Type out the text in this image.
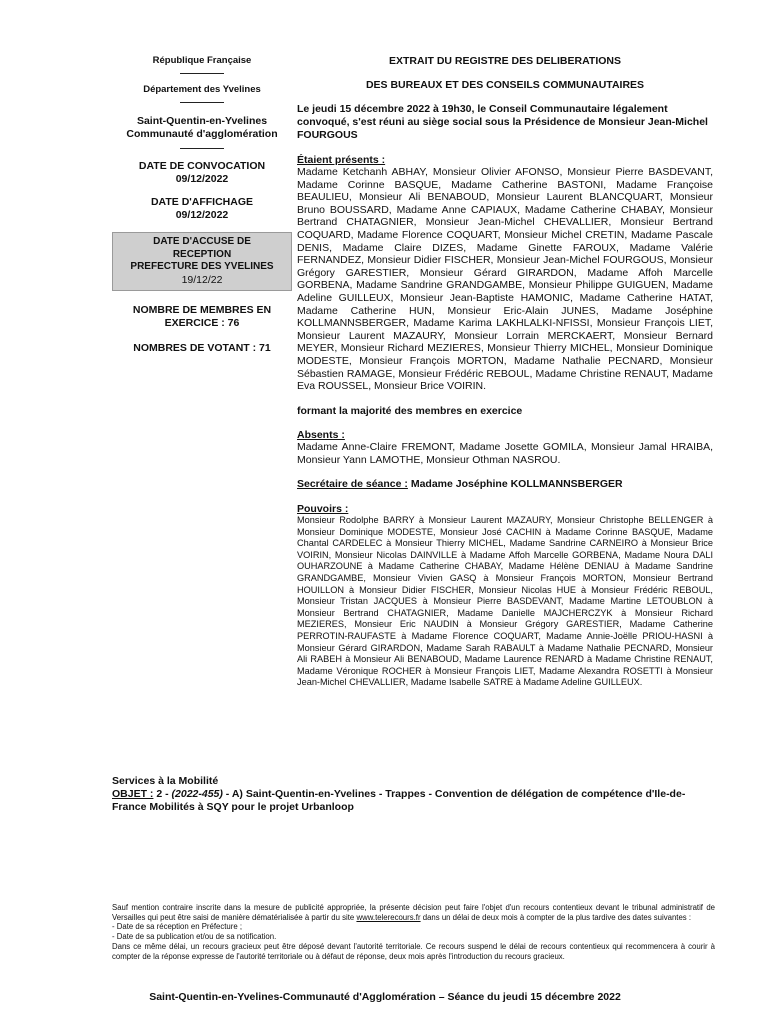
République Française
Département des Yvelines
Saint-Quentin-en-Yvelines
Communauté d'agglomération
DATE DE CONVOCATION
09/12/2022
DATE D'AFFICHAGE
09/12/2022
DATE D'ACCUSE DE
RECEPTION
PREFECTURE DES YVELINES
19/12/22
NOMBRE DE MEMBRES EN
EXERCICE : 76
NOMBRES DE VOTANT : 71
EXTRAIT DU REGISTRE DES DELIBERATIONS
DES BUREAUX ET DES CONSEILS COMMUNAUTAIRES
Le jeudi 15 décembre 2022 à 19h30, le Conseil Communautaire légalement convoqué, s'est réuni au siège social sous la Présidence de Monsieur Jean-Michel FOURGOUS
Étaient présents :
Madame Ketchanh ABHAY, Monsieur Olivier AFONSO, Monsieur Pierre BASDEVANT, Madame Corinne BASQUE, Madame Catherine BASTONI, Madame Françoise BEAULIEU, Monsieur Ali BENABOUD, Monsieur Laurent BLANCQUART, Monsieur Bruno BOUSSARD, Madame Anne CAPIAUX, Madame Catherine CHABAY, Monsieur Bertrand CHATAGNIER, Monsieur Jean-Michel CHEVALLIER, Monsieur Bertrand COQUARD, Madame Florence COQUART, Monsieur Michel CRETIN, Madame Pascale DENIS, Madame Claire DIZES, Madame Ginette FAROUX, Madame Valérie FERNANDEZ, Monsieur Didier FISCHER, Monsieur Jean-Michel FOURGOUS, Monsieur Grégory GARESTIER, Monsieur Gérard GIRARDON, Madame Affoh Marcelle GORBENA, Madame Sandrine GRANDGAMBE, Monsieur Philippe GUIGUEN, Madame Adeline GUILLEUX, Monsieur Jean-Baptiste HAMONIC, Madame Catherine HATAT, Madame Catherine HUN, Monsieur Eric-Alain JUNES, Madame Joséphine KOLLMANNSBERGER, Madame Karima LAKHLALKI-NFISSI, Monsieur François LIET, Monsieur Laurent MAZAURY, Monsieur Lorrain MERCKAERT, Monsieur Bernard MEYER, Monsieur Richard MEZIERES, Monsieur Thierry MICHEL, Monsieur Dominique MODESTE, Monsieur François MORTON, Madame Nathalie PECNARD, Monsieur Sébastien RAMAGE, Monsieur Frédéric REBOUL, Madame Christine RENAUT, Madame Eva ROUSSEL, Monsieur Brice VOIRIN.
formant la majorité des membres en exercice
Absents :
Madame Anne-Claire FREMONT, Madame Josette GOMILA, Monsieur Jamal HRAIBA, Monsieur Yann LAMOTHE, Monsieur Othman NASROU.
Secrétaire de séance : Madame Joséphine KOLLMANNSBERGER
Pouvoirs :
Monsieur Rodolphe BARRY à Monsieur Laurent MAZAURY, Monsieur Christophe BELLENGER à Monsieur Dominique MODESTE, Monsieur José CACHIN à Madame Corinne BASQUE, Madame Chantal CARDELEC à Monsieur Thierry MICHEL, Madame Sandrine CARNEIRO à Monsieur Brice VOIRIN, Monsieur Nicolas DAINVILLE à Madame Affoh Marcelle GORBENA, Madame Noura DALI OUHARZOUNE à Madame Catherine CHABAY, Madame Hélène DENIAU à Madame Sandrine GRANDGAMBE, Monsieur Vivien GASQ à Monsieur François MORTON, Monsieur Bertrand HOUILLON à Monsieur Didier FISCHER, Monsieur Nicolas HUE à Monsieur Frédéric REBOUL, Monsieur Tristan JACQUES à Monsieur Pierre BASDEVANT, Madame Martine LETOUBLON à Monsieur Bertrand CHATAGNIER, Madame Danielle MAJCHERCZYK à Monsieur Richard MEZIERES, Monsieur Eric NAUDIN à Monsieur Grégory GARESTIER, Madame Catherine PERROTIN-RAUFASTE à Madame Florence COQUART, Madame Annie-Joëlle PRIOU-HASNI à Monsieur Gérard GIRARDON, Madame Sarah RABAULT à Madame Nathalie PECNARD, Monsieur Ali RABEH à Monsieur Ali BENABOUD, Madame Laurence RENARD à Madame Christine RENAUT, Madame Véronique ROCHER à Monsieur François LIET, Madame Alexandra ROSETTI à Monsieur Jean-Michel CHEVALLIER, Madame Isabelle SATRE à Madame Adeline GUILLEUX.
Services à la Mobilité
OBJET : 2 - (2022-455) - A) Saint-Quentin-en-Yvelines - Trappes - Convention de délégation de compétence d'Ile-de-France Mobilités à SQY pour le projet Urbanloop
Sauf mention contraire inscrite dans la mesure de publicité appropriée, la présente décision peut faire l'objet d'un recours contentieux devant le tribunal administratif de Versailles qui peut être saisi de manière dématérialisée à partir du site www.telerecours.fr dans un délai de deux mois à compter de la plus tardive des dates suivantes :
- Date de sa réception en Préfecture ;
- Date de sa publication et/ou de sa notification.
Dans ce même délai, un recours gracieux peut être déposé devant l'autorité territoriale. Ce recours suspend le délai de recours contentieux qui recommencera à courir à compter de la réponse expresse de l'autorité territoriale ou à défaut de réponse, deux mois après l'introduction du recours gracieux.
Saint-Quentin-en-Yvelines-Communauté d'Agglomération – Séance du jeudi 15 décembre 2022
